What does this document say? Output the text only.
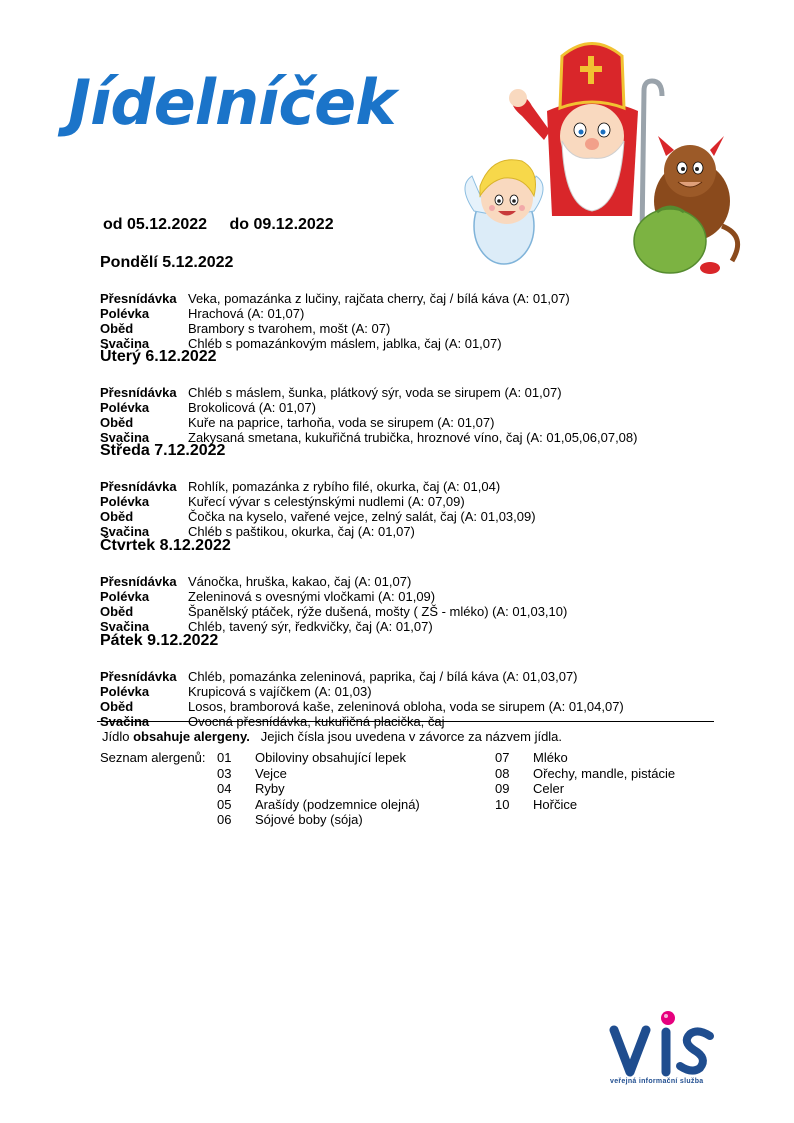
Jídelníček
od 05.12.2022 do 09.12.2022
Pondělí 5.12.2022
Přesnídávka Veka, pomazánka z lučiny, rajčata cherry, čaj / bílá káva (A: 01,07)
Polévka	Hrachová (A: 01,07)
Oběd	Brambory s tvarohem, mošt (A: 07)
Svačina	Chléb s pomazánkovým máslem, jablka, čaj (A: 01,07)
Úterý 6.12.2022
Přesnídávka Chléb s máslem, šunka, plátkový sýr, voda se sirupem (A: 01,07)
Polévka	Brokolicová (A: 01,07)
Oběd	Kuře na paprice, tarhoňa, voda se sirupem (A: 01,07)
Svačina	Zakysaná smetana, kukuřičná trubička, hroznové víno, čaj (A: 01,05,06,07,08)
Středa 7.12.2022
Přesnídávka Rohlík, pomazánka z rybího filé, okurka, čaj (A: 01,04)
Polévka	Kuřecí vývar s celestýnskými nudlemi (A: 07,09)
Oběd	Čočka na kyselo, vařené vejce, zelný salát, čaj (A: 01,03,09)
Svačina	Chléb s paštikou, okurka, čaj (A: 01,07)
Čtvrtek 8.12.2022
Přesnídávka Vánočka, hruška, kakao, čaj (A: 01,07)
Polévka	Zeleninová s ovesnými vločkami (A: 01,09)
Oběd	Španělský ptáček, rýže dušená, mošty ( ZŠ - mléko) (A: 01,03,10)
Svačina	Chléb, tavený sýr, ředkvičky, čaj (A: 01,07)
Pátek 9.12.2022
Přesnídávka Chléb, pomazánka zeleninová, paprika, čaj / bílá káva (A: 01,03,07)
Polévka	Krupicová s vajíčkem (A: 01,03)
Oběd	Losos, bramborová kaše, zeleninová obloha, voda se sirupem (A: 01,04,07)
Svačina	Ovocná přesnídávka, kukuřičná placička, čaj
Jídlo obsahuje alergeny.   Jejich čísla jsou uvedena v závorce za názvem jídla.
Seznam alergenů: 01	Obiloviny obsahující lepek
03	Vejce
04	Ryby
05	Arašídy (podzemnice olejná)
06	Sójové boby (sója)
07	Mléko
08	Ořechy, mandle, pistácie
09	Celer
10	Hořčice
veřejná informační služba
